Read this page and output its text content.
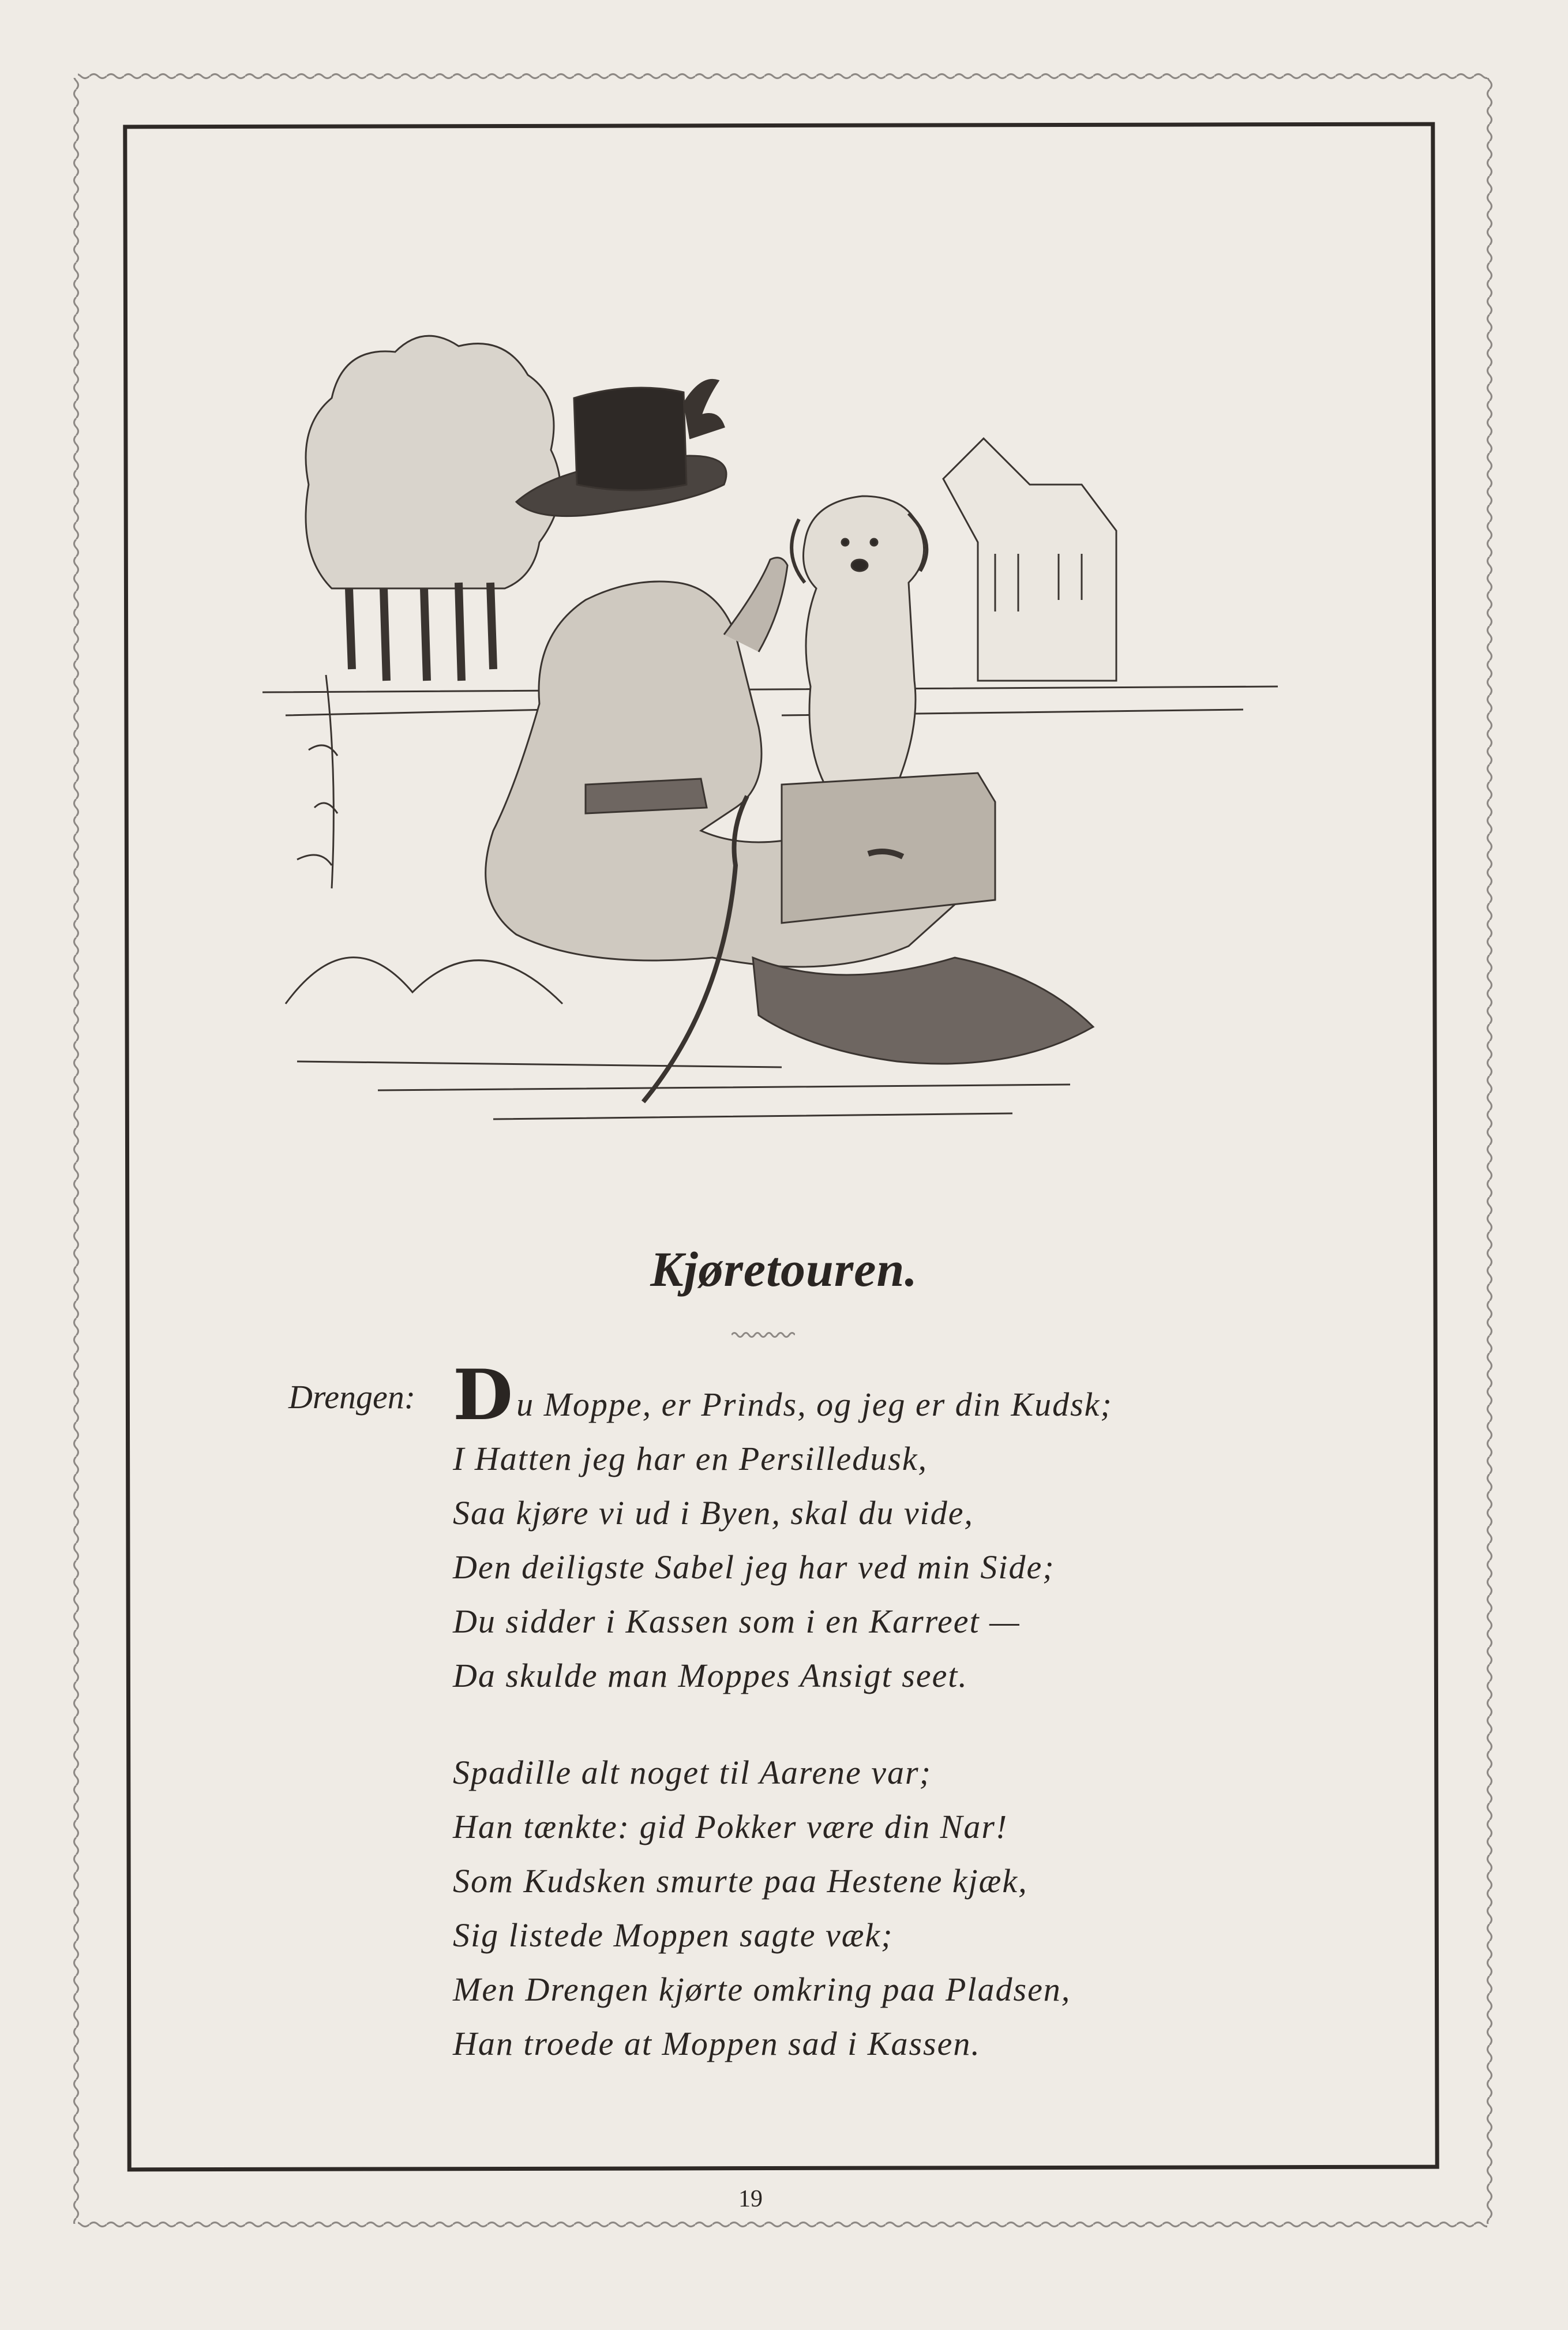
Kjøretouren.
Drengen: Du Moppe, er Prinds, og jeg er din Kudsk;
I Hatten jeg har en Persilledusk,
Saa kjøre vi ud i Byen, skal du vide,
Den deiligste Sabel jeg har ved min Side;
Du sidder i Kassen som i en Karreet —
Da skulde man Moppes Ansigt seet.
Spadille alt noget til Aarene var;
Han tænkte: gid Pokker være din Nar!
Som Kudsken smurte paa Hestene kjæk,
Sig listede Moppen sagte væk;
Men Drengen kjørte omkring paa Pladsen,
Han troede at Moppen sad i Kassen.
19
